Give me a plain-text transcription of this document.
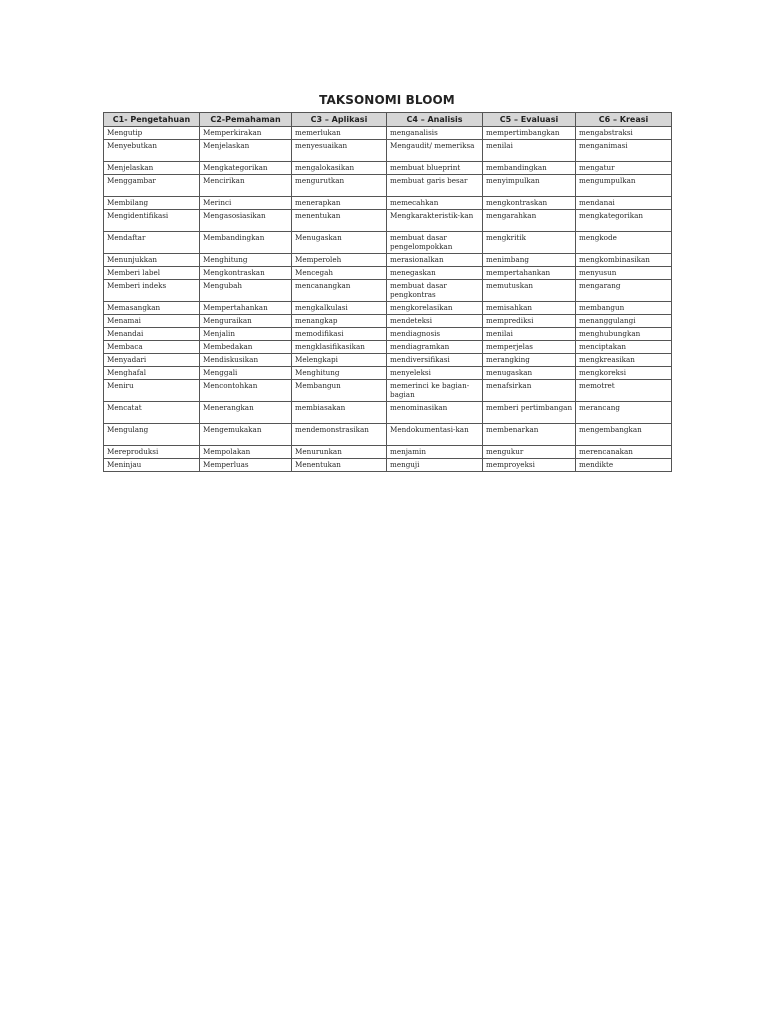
TAKSONOMI BLOOM
C1- Pengetahuan	C2-Pemahaman	C3 – Aplikasi	C4 – Analisis	C5 – Evaluasi	C6 – Kreasi
Mengutip	Memperkirakan	memerlukan	menganalisis	mempertimbangkan	mengabstraksi
Menyebutkan	Menjelaskan	menyesuaikan	Mengaudit/ memeriksa	menilai	menganimasi
Menjelaskan	Mengkategorikan	mengalokasikan	membuat blueprint	membandingkan	mengatur
Menggambar	Mencirikan	mengurutkan	membuat garis besar	menyimpulkan	mengumpulkan
Membilang	Merinci	menerapkan	memecahkan	mengkontraskan	mendanai
Mengidentifikasi	Mengasosiasikan	menentukan	Mengkarakteristik-kan	mengarahkan	mengkategorikan
Mendaftar	Membandingkan	Menugaskan	membuat dasar pengelompokkan	mengkritik	mengkode
Menunjukkan	Menghitung	Memperoleh	merasionalkan	menimbang	mengkombinasikan
Memberi label	Mengkontraskan	Mencegah	menegaskan	mempertahankan	menyusun
Memberi indeks	Mengubah	mencanangkan	membuat dasar pengkontras	memutuskan	mengarang
Memasangkan	Mempertahankan	mengkalkulasi	mengkorelasikan	memisahkan	membangun
Menamai	Menguraikan	menangkap	mendeteksi	memprediksi	menanggulangi
Menandai	Menjalin	memodifikasi	mendiagnosis	menilai	menghubungkan
Membaca	Membedakan	mengklasifikasikan	mendiagramkan	memperjelas	menciptakan
Menyadari	Mendiskusikan	Melengkapi	mendiversifikasi	merangking	mengkreasikan
Menghafal	Menggali	Menghitung	menyeleksi	menugaskan	mengkoreksi
Meniru	Mencontohkan	Membangun	memerinci ke bagian-bagian	menafsirkan	memotret
Mencatat	Menerangkan	membiasakan	menominasikan	memberi pertimbangan	merancang
Mengulang	Mengemukakan	mendemonstrasikan	Mendokumentasi-kan	membenarkan	mengembangkan
Mereproduksi	Mempolakan	Menurunkan	menjamin	mengukur	merencanakan
Meninjau	Memperluas	Menentukan	menguji	memproyeksi	mendikte
